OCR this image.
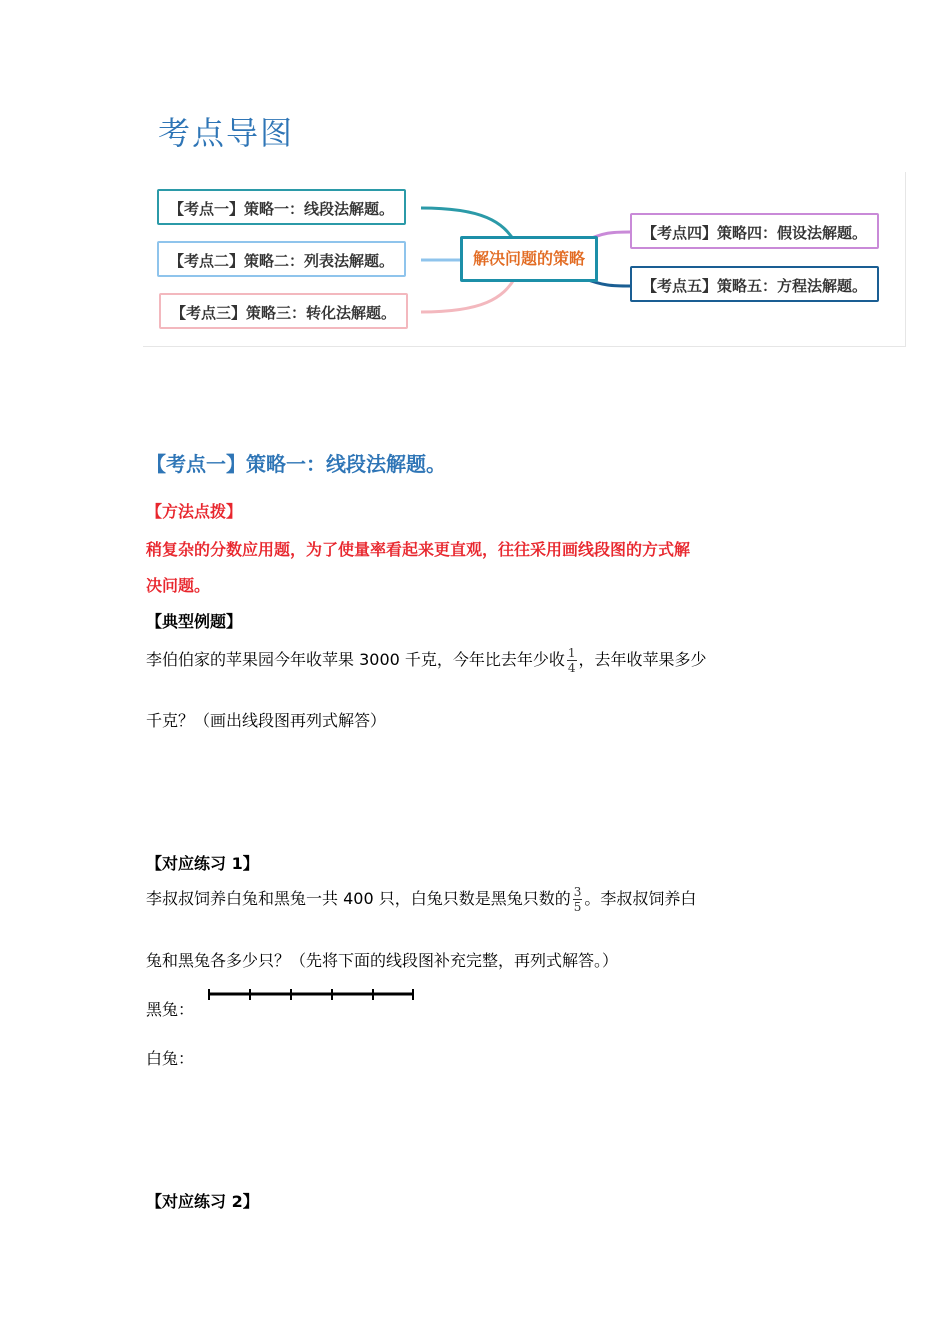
考点导图
【考点一】策略一：线段法解题。
【考点二】策略二：列表法解题。
【考点三】策略三：转化法解题。
解决问题的策略
【考点四】策略四：假设法解题。
【考点五】策略五：方程法解题。
【考点一】策略一：线段法解题。
【方法点拨】
稍复杂的分数应用题，为了使量率看起来更直观，往往采用画线段图的方式解
决问题。
【典型例题】
李伯伯家的苹果园今年收苹果 3000 千克，今年比去年少收 $\frac{1}{4}$ ，去年收苹果多少
千克？（画出线段图再列式解答）
【对应练习 1】
李叔叔饲养白兔和黑兔一共 400 只，白兔只数是黑兔只数的 $\frac{3}{5}$ 。李叔叔饲养白
兔和黑兔各多少只？（先将下面的线段图补充完整，再列式解答。）
黑兔：
白兔：
【对应练习 2】
